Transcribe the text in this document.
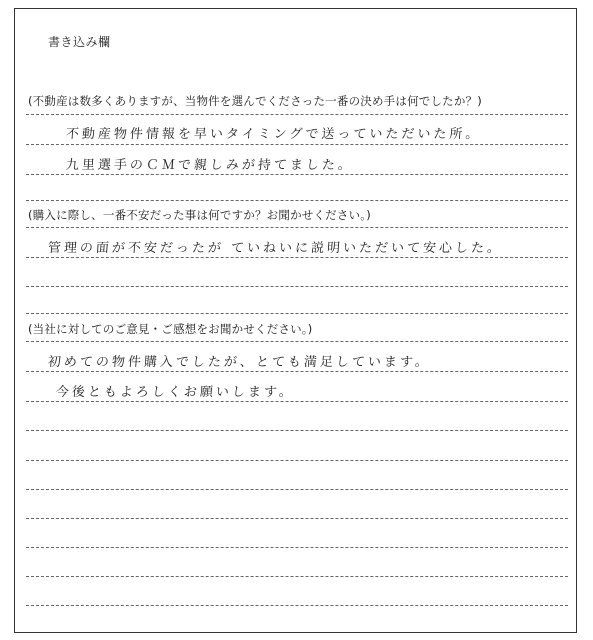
書き込み欄
(不動産は数多くありますが、当物件を選んでくださった一番の決め手は何でしたか？)
不動産物件情報を早いタイミングで送っていただいた所。
九里選手のＣＭで親しみが持てました。
(購入に際し、一番不安だった事は何ですか？お聞かせください。)
管理の面が不安だったが ていねいに説明いただいて安心した。
(当社に対してのご意見・ご感想をお聞かせください。)
初めての物件購入でしたが、とても満足しています。
今後ともよろしくお願いします。
